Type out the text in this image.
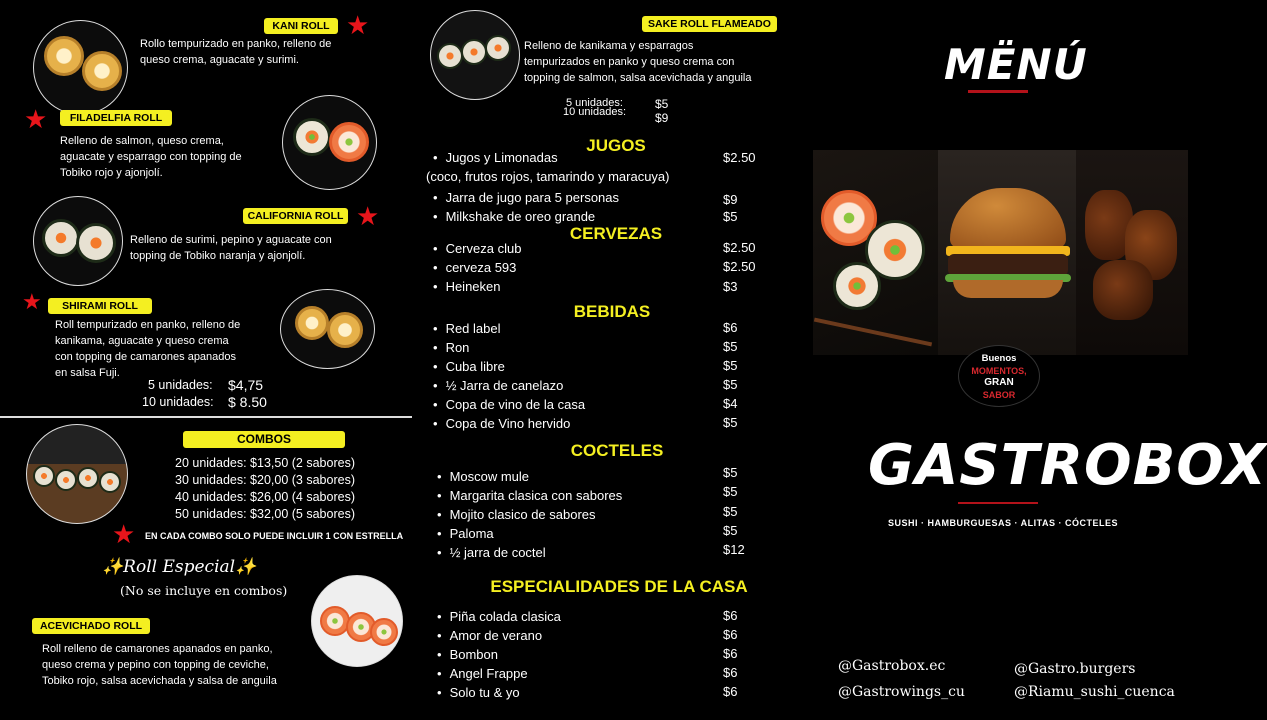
KANI ROLL ★
Rollo tempurizado en panko, relleno de
queso crema, aguacate y surimi.
★	FILADELFIA ROLL
Relleno de salmon, queso crema,
aguacate y esparrago con topping de
Tobiko rojo y ajonjolí.
CALIFORNIA ROLL ★
Relleno de surimi, pepino y aguacate con
topping de Tobiko naranja y ajonjolí.
★	SHIRAMI ROLL
Roll tempurizado en panko, relleno de
kanikama, aguacate y queso crema
con topping de camarones apanados
en salsa Fuji.
5 unidades: $4,75
10 unidades: $ 8.50
COMBOS
20 unidades: $13,50 (2 sabores)
30 unidades: $20,00 (3 sabores)
40 unidades: $26,00 (4 sabores)
50 unidades: $32,00 (5 sabores)
★ EN CADA COMBO SOLO PUEDE INCLUIR 1 CON ESTRELLA
✨Roll Especial✨
(No se incluye en combos)
ACEVICHADO ROLL
Roll relleno de camarones apanados en panko,
queso crema y pepino con topping de ceviche,
Tobiko rojo, salsa acevichada y salsa de anguila
SAKE ROLL FLAMEADO
Relleno de kanikama y esparragos
tempurizados en panko y queso crema con
topping de salmon, salsa acevichada y anguila
5 unidades:	$5
10 unidades: $9
JUGOS
• Jugos y Limonadas	$2.50
(coco, frutos rojos, tamarindo y maracuya)
• Jarra de jugo para 5 personas	$9
• Milkshake de oreo grande	$5
CERVEZAS
• Cerveza club	$2.50
• cerveza 593	$2.50
• Heineken	$3
BEBIDAS
• Red label	$6
• Ron	$5
• Cuba libre	$5
• ½ Jarra de canelazo	$5
• Copa de vino de la casa	$4
• Copa de Vino hervido	$5
COCTELES
• Moscow mule	$5
• Margarita clasica con sabores	$5
• Mojito clasico de sabores	$5
• Paloma	$5
• ½ jarra de coctel	$12
ESPECIALIDADES DE LA CASA
• Piña colada clasica	$6
• Amor de verano	$6
• Bombon	$6
• Angel Frappe	$6
• Solo tu & yo	$6
MËNÚ
Buenos
MOMENTOS,
GRAN
SABOR
GASTROBOX
SUSHI · HAMBURGUESAS · ALITAS · CÓCTELES
@Gastrobox.ec	@Gastro.burgers
@Gastrowings_cu	@Riamu_sushi_cuenca
